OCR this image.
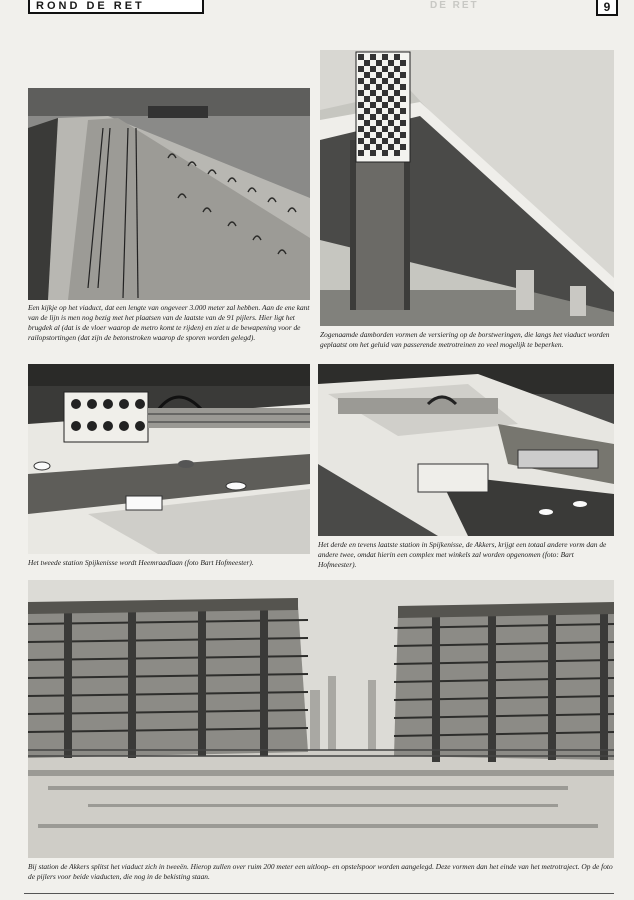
ROND DE RET	DE RET	9
Een kijkje op het viaduct, dat een lengte van ongeveer 3.000 meter zal hebben. Aan de ene kant van de lijn is men nog bezig met het plaatsen van de laatste van de 91 pijlers. Hier ligt het brugdek al (dat is de vloer waarop de metro komt te rijden) en ziet u de bewapening voor de railopstortingen (dat zijn de betonstroken waarop de sporen worden gelegd).	Zogenaamde damborden vormen de versiering op de borstweringen, die langs het viaduct worden geplaatst om het geluid van passerende metrotreinen zo veel mogelijk te beperken.
Het tweede station Spijkenisse wordt Heemraadlaan (foto Bart Hofmeester).
Het derde en tevens laatste station in Spijkenisse, de Akkers, krijgt een totaal andere vorm dan de andere twee, omdat hierin een complex met winkels zal worden opgenomen (foto: Bart Hofmeester).
Bij station de Akkers splitst het viaduct zich in tweeën. Hierop zullen over ruim 200 meter een uitloop- en opstelspoor worden aangelegd. Deze vormen dan het einde van het metrotraject. Op de foto de pijlers voor beide viaducten, die nog in de bekisting staan.
